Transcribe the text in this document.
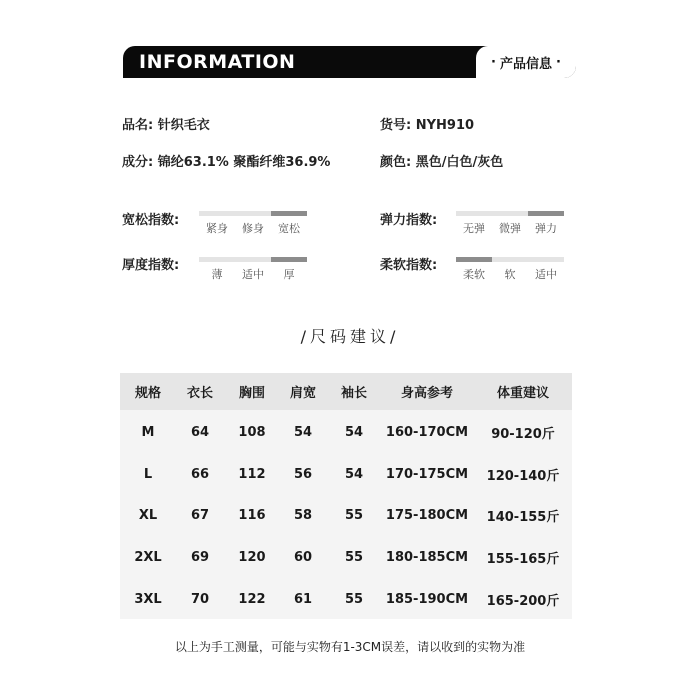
INFORMATION	· 产品信息 ·
品名: 针织毛衣	货号: NYH910
成分: 锦纶63.1% 聚酯纤维36.9%	颜色: 黑色/白色/灰色
宽松指数:
紧身	修身	宽松
弹力指数:
无弹	微弹	弹力
厚度指数:
薄	适中	厚
柔软指数:
柔软	软	适中
/尺码建议/
规格	衣长	胸围	肩宽	袖长	身高参考	体重建议
M	64	108	54	54	160-170CM	90-120斤
L	66	112	56	54	170-175CM	120-140斤
XL	67	116	58	55	175-180CM	140-155斤
2XL	69	120	60	55	180-185CM	155-165斤
3XL	70	122	61	55	185-190CM	165-200斤
以上为手工测量，可能与实物有1-3CM误差，请以收到的实物为准
